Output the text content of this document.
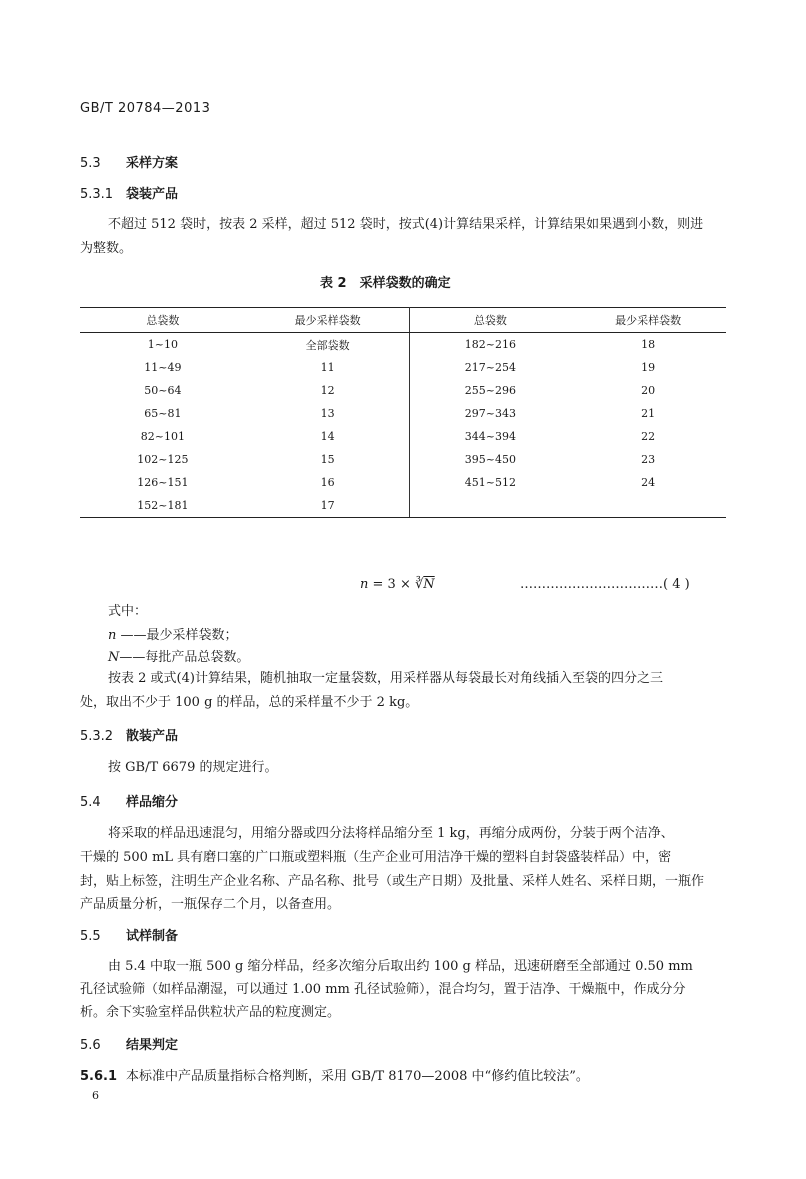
GB/T 20784—2013
5.3 采样方案
5.3.1 袋装产品
不超过 512 袋时，按表 2 采样，超过 512 袋时，按式(4)计算结果采样，计算结果如果遇到小数，则进
为整数。
表 2　采样袋数的确定
总袋数	最少采样袋数	总袋数	最少采样袋数
1~10	全部袋数	182~216	18
11~49	11	217~254	19
50~64	12	255~296	20
65~81	13	297~343	21
82~101	14	344~394	22
102~125	15	395~450	23
126~151	16	451~512	24
152~181	17		
$n = 3 \times ∛\overline{N}$	……………………………( 4 )
式中：
n ——最少采样袋数；
N——每批产品总袋数。
按表 2 或式(4)计算结果，随机抽取一定量袋数，用采样器从每袋最长对角线插入至袋的四分之三
处，取出不少于 100 g 的样品，总的采样量不少于 2 kg。
5.3.2 散装产品
按 GB/T 6679 的规定进行。
5.4 样品缩分
将采取的样品迅速混匀，用缩分器或四分法将样品缩分至 1 kg，再缩分成两份，分装于两个洁净、
干燥的 500 mL 具有磨口塞的广口瓶或塑料瓶（生产企业可用洁净干燥的塑料自封袋盛装样品）中，密
封，贴上标签，注明生产企业名称、产品名称、批号（或生产日期）及批量、采样人姓名、采样日期，一瓶作
产品质量分析，一瓶保存二个月，以备查用。
5.5 试样制备
由 5.4 中取一瓶 500 g 缩分样品，经多次缩分后取出约 100 g 样品，迅速研磨至全部通过 0.50 mm
孔径试验筛（如样品潮湿，可以通过 1.00 mm 孔径试验筛），混合均匀，置于洁净、干燥瓶中，作成分分
析。余下实验室样品供粒状产品的粒度测定。
5.6 结果判定
5.6.1 本标准中产品质量指标合格判断，采用 GB/T 8170—2008 中“修约值比较法”。
6
